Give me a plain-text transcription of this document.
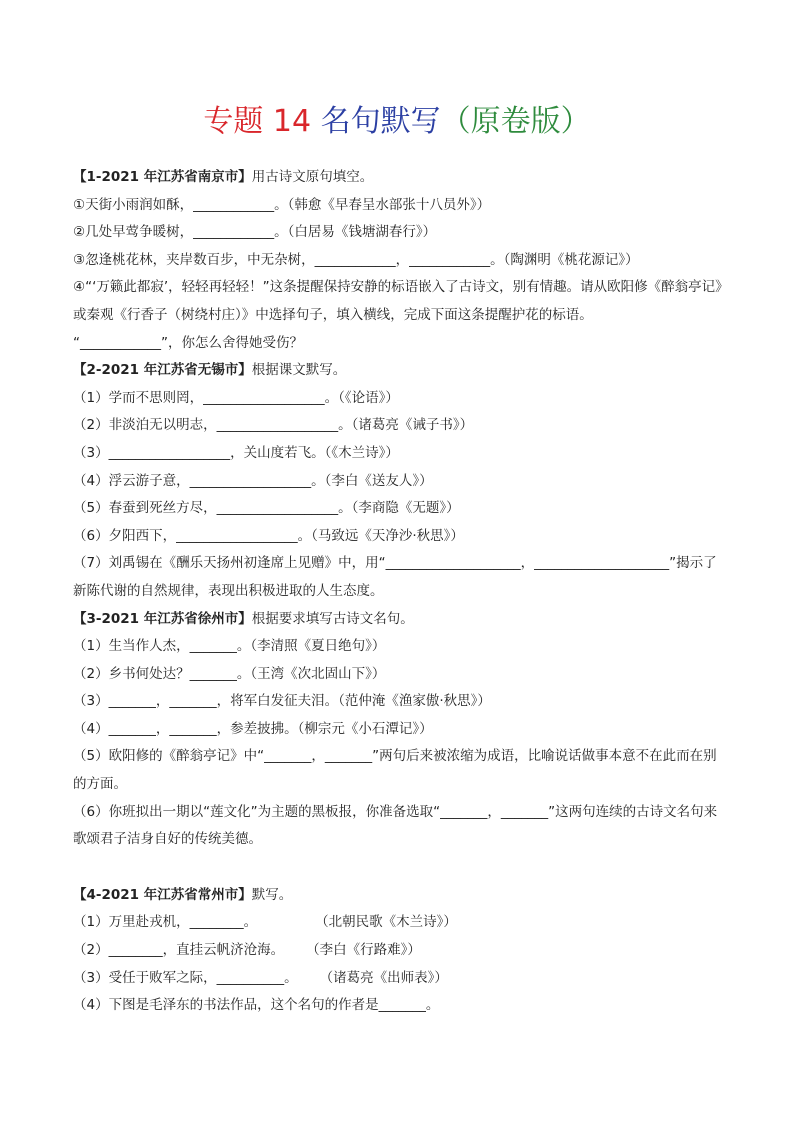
专题 14 名句默写（原卷版）
【1-2021 年江苏省南京市】用古诗文原句填空。
①天街小雨润如酥，____________。（韩愈《早春呈水部张十八员外》）
②几处早莺争暖树，____________。（白居易《钱塘湖春行》）
③忽逢桃花林，夹岸数百步，中无杂树，____________，____________。（陶渊明《桃花源记》）
④“‘万籁此都寂’，轻轻再轻轻！”这条提醒保持安静的标语嵌入了古诗文，别有情趣。请从欧阳修《醉翁亭记》或秦观《行香子（树绕村庄）》中选择句子，填入横线，完成下面这条提醒护花的标语。
“____________”，你怎么舍得她受伤？
【2-2021 年江苏省无锡市】根据课文默写。
（1）学而不思则罔，__________________。（《论语》）
（2）非淡泊无以明志，__________________。（诸葛亮《诫子书》）
（3）__________________，关山度若飞。（《木兰诗》）
（4）浮云游子意，__________________。（李白《送友人》）
（5）春蚕到死丝方尽，__________________。（李商隐《无题》）
（6）夕阳西下，__________________。（马致远《天净沙·秋思》）
（7）刘禹锡在《酬乐天扬州初逢席上见赠》中，用“____________________，____________________”揭示了新陈代谢的自然规律，表现出积极进取的人生态度。
【3-2021 年江苏省徐州市】根据要求填写古诗文名句。
（1）生当作人杰，_______。（李清照《夏日绝句》）
（2）乡书何处达？_______。（王湾《次北固山下》）
（3）_______，_______，将军白发征夫泪。（范仲淹《渔家傲·秋思》）
（4）_______，_______，参差披拂。（柳宗元《小石潭记》）
（5）欧阳修的《醉翁亭记》中“_______，_______”两句后来被浓缩为成语，比喻说话做事本意不在此而在别的方面。
（6）你班拟出一期以“莲文化”为主题的黑板报，你准备选取“_______，_______”这两句连续的古诗文名句来歌颂君子洁身自好的传统美德。
【4-2021 年江苏省常州市】默写。
（1）万里赴戎机，________。	（北朝民歌《木兰诗》）
（2）________，直挂云帆济沧海。 （李白《行路难》）
（3）受任于败军之际，__________。 （诸葛亮《出师表》）
（4）下图是毛泽东的书法作品，这个名句的作者是_______。
